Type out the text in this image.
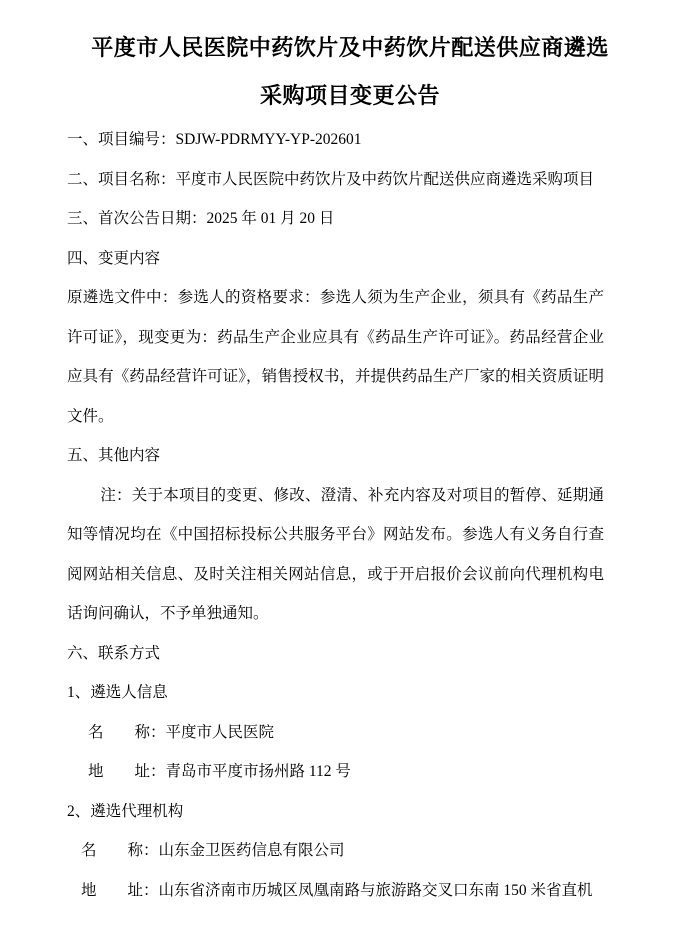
平度市人民医院中药饮片及中药饮片配送供应商遴选
采购项目变更公告

一、项目编号：SDJW-PDRMYY-YP-202601

二、项目名称：平度市人民医院中药饮片及中药饮片配送供应商遴选采购项目

三、首次公告日期：2025 年 01 月 20 日

四、变更内容

原遴选文件中：参选人的资格要求：参选人须为生产企业，须具有《药品生产许可证》，现变更为：药品生产企业应具有《药品生产许可证》。药品经营企业应具有《药品经营许可证》，销售授权书，并提供药品生产厂家的相关资质证明文件。

五、其他内容

注：关于本项目的变更、修改、澄清、补充内容及对项目的暂停、延期通知等情况均在《中国招标投标公共服务平台》网站发布。参选人有义务自行查阅网站相关信息、及时关注相关网站信息，或于开启报价会议前向代理机构电话询问确认，不予单独通知。

六、联系方式

1、遴选人信息

名　　称：平度市人民医院

地　　址：青岛市平度市扬州路 112 号

2、遴选代理机构

名　　称：山东金卫医药信息有限公司

地　　址：山东省济南市历城区凤凰南路与旅游路交叉口东南 150 米省直机
